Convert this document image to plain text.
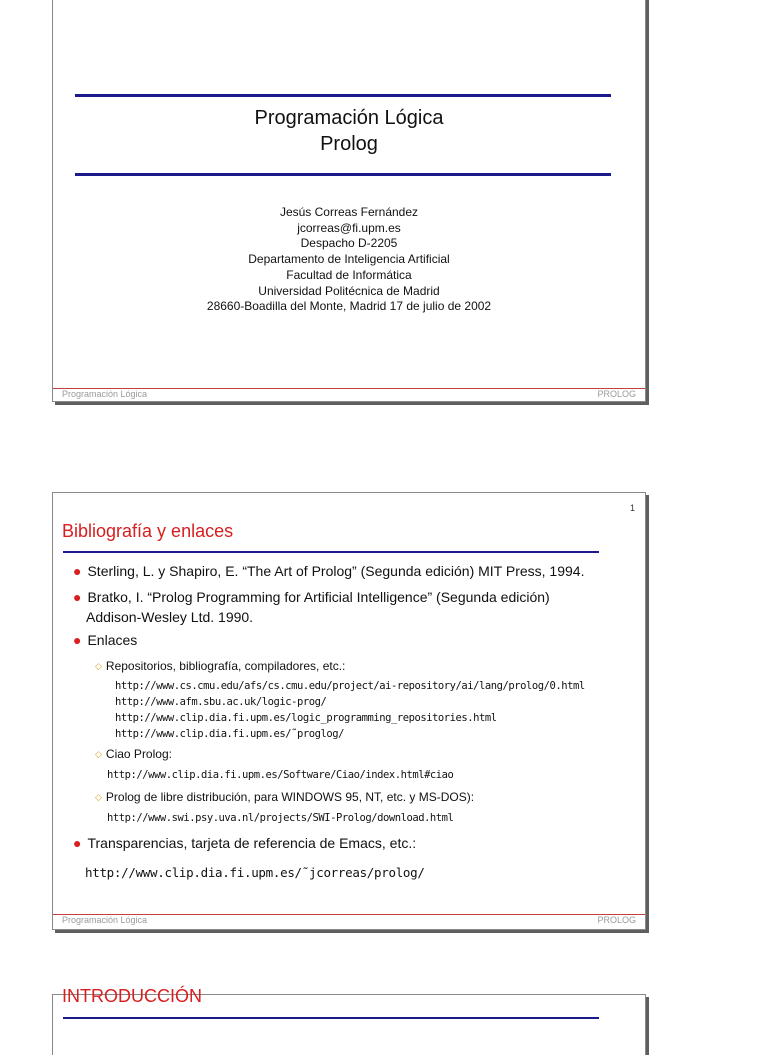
Programación Lógica
Prolog
Jesús Correas Fernández
jcorreas@fi.upm.es
Despacho D-2205
Departamento de Inteligencia Artificial
Facultad de Informática
Universidad Politécnica de Madrid
28660-Boadilla del Monte, Madrid 17 de julio de 2002
Programación Lógica	PROLOG
1
Bibliografía y enlaces
● Sterling, L. y Shapiro, E. “The Art of Prolog” (Segunda edición) MIT Press, 1994.
● Bratko, I. “Prolog Programming for Artificial Intelligence” (Segunda edición)
Addison-Wesley Ltd. 1990.
● Enlaces
◇ Repositorios, bibliografía, compiladores, etc.:
http://www.cs.cmu.edu/afs/cs.cmu.edu/project/ai-repository/ai/lang/prolog/0.html
http://www.afm.sbu.ac.uk/logic-prog/
http://www.clip.dia.fi.upm.es/logic_programming_repositories.html
http://www.clip.dia.fi.upm.es/˜proglog/
◇ Ciao Prolog:
http://www.clip.dia.fi.upm.es/Software/Ciao/index.html#ciao
◇ Prolog de libre distribución, para WINDOWS 95, NT, etc. y MS-DOS):
http://www.swi.psy.uva.nl/projects/SWI-Prolog/download.html
● Transparencias, tarjeta de referencia de Emacs, etc.:
http://www.clip.dia.fi.upm.es/˜jcorreas/prolog/
Programación Lógica	PROLOG
INTRODUCCIÓN
